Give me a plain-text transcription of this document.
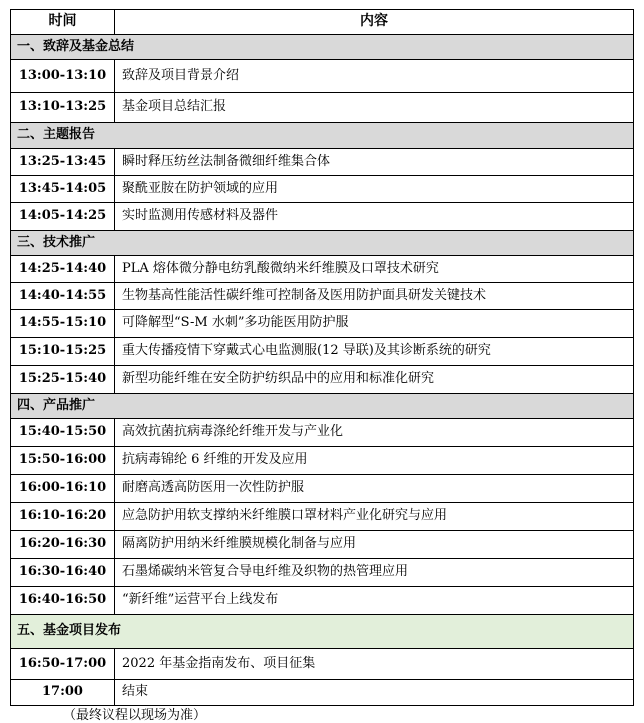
时间	内容
一、致辞及基金总结	
13:00-13:10	致辞及项目背景介绍
13:10-13:25	基金项目总结汇报
二、主题报告	
13:25-13:45	瞬时释压纺丝法制备微细纤维集合体
13:45-14:05	聚酰亚胺在防护领域的应用
14:05-14:25	实时监测用传感材料及器件
三、技术推广	
14:25-14:40	PLA 熔体微分静电纺乳酸微纳米纤维膜及口罩技术研究
14:40-14:55	生物基高性能活性碳纤维可控制备及医用防护面具研发关键技术
14:55-15:10	可降解型“S-M 水刺”多功能医用防护服
15:10-15:25	重大传播疫情下穿戴式心电监测服(12 导联)及其诊断系统的研究
15:25-15:40	新型功能纤维在安全防护纺织品中的应用和标准化研究
四、产品推广	
15:40-15:50	高效抗菌抗病毒涤纶纤维开发与产业化
15:50-16:00	抗病毒锦纶 6 纤维的开发及应用
16:00-16:10	耐磨高透高防医用一次性防护服
16:10-16:20	应急防护用软支撑纳米纤维膜口罩材料产业化研究与应用
16:20-16:30	隔离防护用纳米纤维膜规模化制备与应用
16:30-16:40	石墨烯碳纳米管复合导电纤维及织物的热管理应用
16:40-16:50	“新纤维”运营平台上线发布
五、基金项目发布	
16:50-17:00	2022 年基金指南发布、项目征集
17:00	结束
（最终议程以现场为准）
